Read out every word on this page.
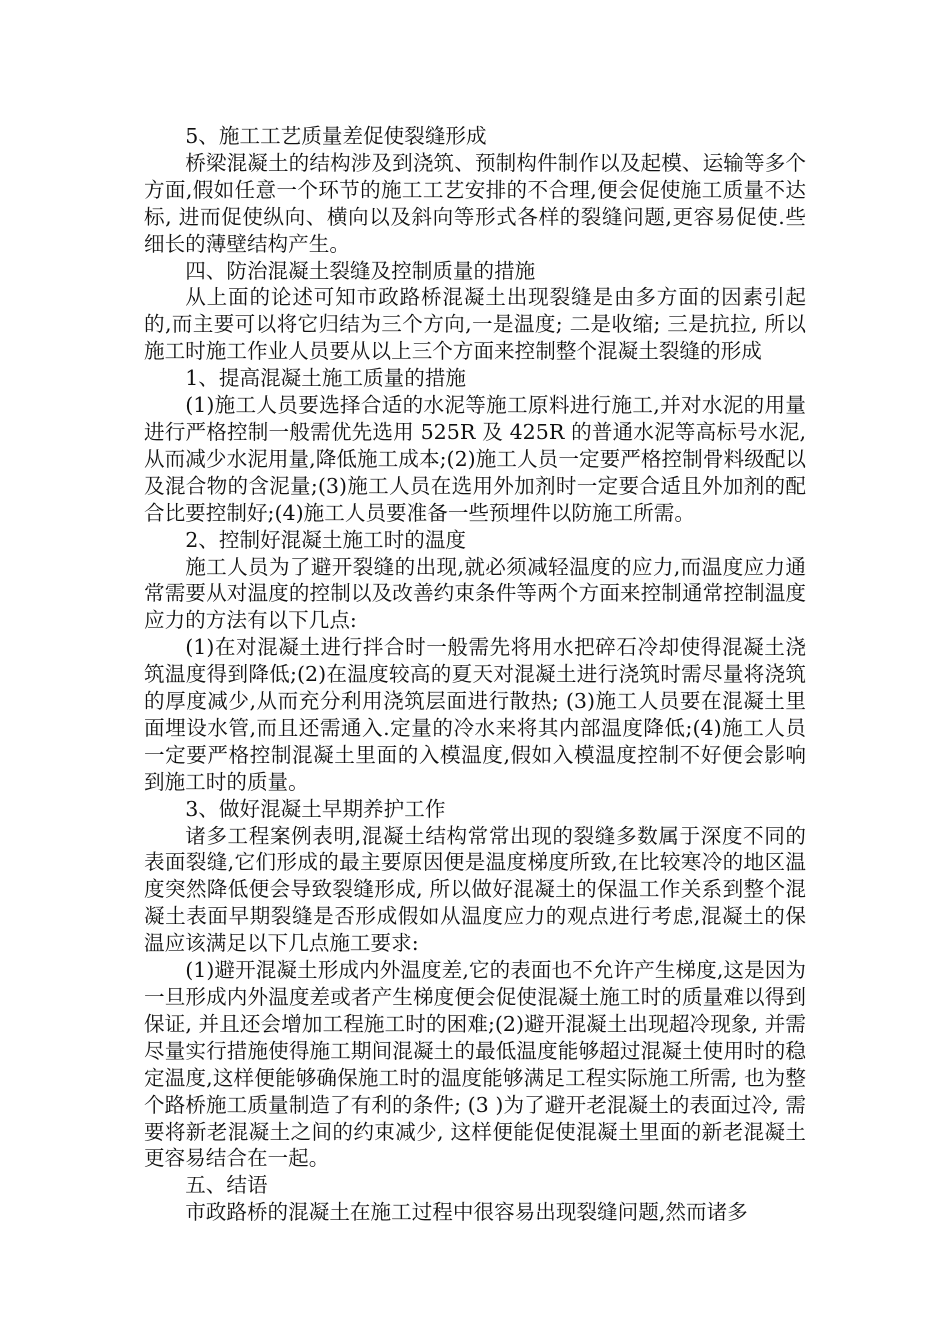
5、施工工艺质量差促使裂缝形成

桥梁混凝土的结构涉及到浇筑、预制构件制作以及起模、运输等多个方面,假如任意一个环节的施工工艺安排的不合理,便会促使施工质量不达标, 进而促使纵向、横向以及斜向等形式各样的裂缝问题,更容易促使.些细长的薄壁结构产生。

四、防治混凝土裂缝及控制质量的措施

从上面的论述可知市政路桥混凝土出现裂缝是由多方面的因素引起的,而主要可以将它归结为三个方向,一是温度; 二是收缩; 三是抗拉, 所以施工时施工作业人员要从以上三个方面来控制整个混凝土裂缝的形成

1、提高混凝土施工质量的措施

(1)施工人员要选择合适的水泥等施工原料进行施工,并对水泥的用量进行严格控制一般需优先选用 525R 及 425R 的普通水泥等高标号水泥,从而减少水泥用量,降低施工成本;(2)施工人员一定要严格控制骨料级配以及混合物的含泥量;(3)施工人员在选用外加剂时一定要合适且外加剂的配合比要控制好;(4)施工人员要准备一些预埋件以防施工所需。

2、控制好混凝土施工时的温度

施工人员为了避开裂缝的出现,就必须减轻温度的应力,而温度应力通常需要从对温度的控制以及改善约束条件等两个方面来控制通常控制温度应力的方法有以下几点:

(1)在对混凝土进行拌合时一般需先将用水把碎石冷却使得混凝土浇筑温度得到降低;(2)在温度较高的夏天对混凝土进行浇筑时需尽量将浇筑的厚度减少,从而充分利用浇筑层面进行散热; (3)施工人员要在混凝土里面埋设水管,而且还需通入.定量的冷水来将其内部温度降低;(4)施工人员一定要严格控制混凝土里面的入模温度,假如入模温度控制不好便会影响到施工时的质量。

3、做好混凝土早期养护工作

诸多工程案例表明,混凝土结构常常出现的裂缝多数属于深度不同的表面裂缝,它们形成的最主要原因便是温度梯度所致,在比较寒冷的地区温度突然降低便会导致裂缝形成, 所以做好混凝土的保温工作关系到整个混凝土表面早期裂缝是否形成假如从温度应力的观点进行考虑,混凝土的保温应该满足以下几点施工要求:

(1)避开混凝土形成内外温度差,它的表面也不允许产生梯度,这是因为一旦形成内外温度差或者产生梯度便会促使混凝土施工时的质量难以得到保证, 并且还会增加工程施工时的困难;(2)避开混凝土出现超冷现象, 并需尽量实行措施使得施工期间混凝土的最低温度能够超过混凝土使用时的稳定温度,这样便能够确保施工时的温度能够满足工程实际施工所需, 也为整个路桥施工质量制造了有利的条件; (3 )为了避开老混凝土的表面过冷, 需要将新老混凝土之间的约束减少, 这样便能促使混凝土里面的新老混凝土更容易结合在一起。

五、结语

市政路桥的混凝土在施工过程中很容易出现裂缝问题,然而诸多
